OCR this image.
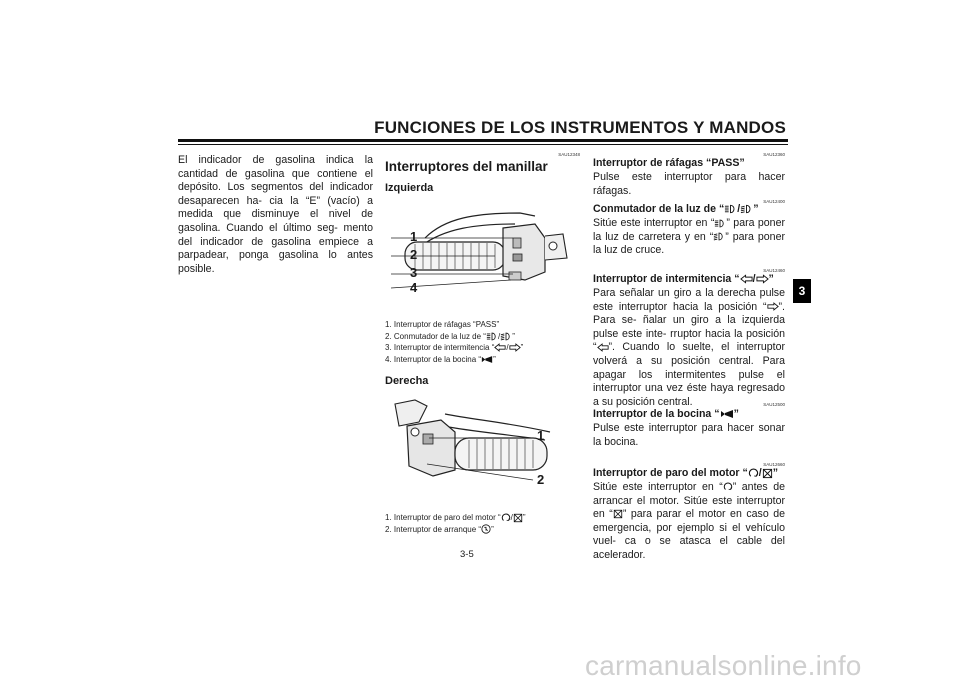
FUNCIONES DE LOS INSTRUMENTOS Y MANDOS
3
El indicador de gasolina indica la cantidad de gasolina que contiene el depósito. Los segmentos del indicador desaparecen ha- cia la “E” (vacío) a medida que disminuye el nivel de gasolina. Cuando el último seg- mento del indicador de gasolina empiece a parpadear, ponga gasolina lo antes posible.
SAU12348
Interruptores del manillar
Izquierda
1
2
3
4
1. Interruptor de ráfagas “PASS”
2. Conmutador de la luz de “ / ”
3. Interruptor de intermitencia “ / ”
4. Interruptor de la bocina “ ”
Derecha
1
2
1. Interruptor de paro del motor “ / ”
2. Interruptor de arranque “ ”
SAU12360
Interruptor de ráfagas “PASS”
Pulse este interruptor para hacer ráfagas.
SAU12400
Conmutador de la luz de “ / ”
Sitúe este interruptor en “ ” para poner la luz de carretera y en “ ” para poner la luz de cruce.
SAU12460
Interruptor de intermitencia “ / ”
Para señalar un giro a la derecha pulse este interruptor hacia la posición “ ”. Para se- ñalar un giro a la izquierda pulse este inte- rruptor hacia la posición “ ”. Cuando lo suelte, el interruptor volverá a su posición central. Para apagar los intermitentes pulse el interruptor una vez éste haya regresado a su posición central.	SAU12500
Interruptor de la bocina “ ”
Pulse este interruptor para hacer sonar la bocina.
SAU12660
Interruptor de paro del motor “ / ”
Sitúe este interruptor en “ ” antes de arrancar el motor. Sitúe este interruptor en “ ” para parar el motor en caso de emergencia, por ejemplo si el vehículo vuel- ca o se atasca el cable del acelerador.
3-5
carmanualsonline.info
